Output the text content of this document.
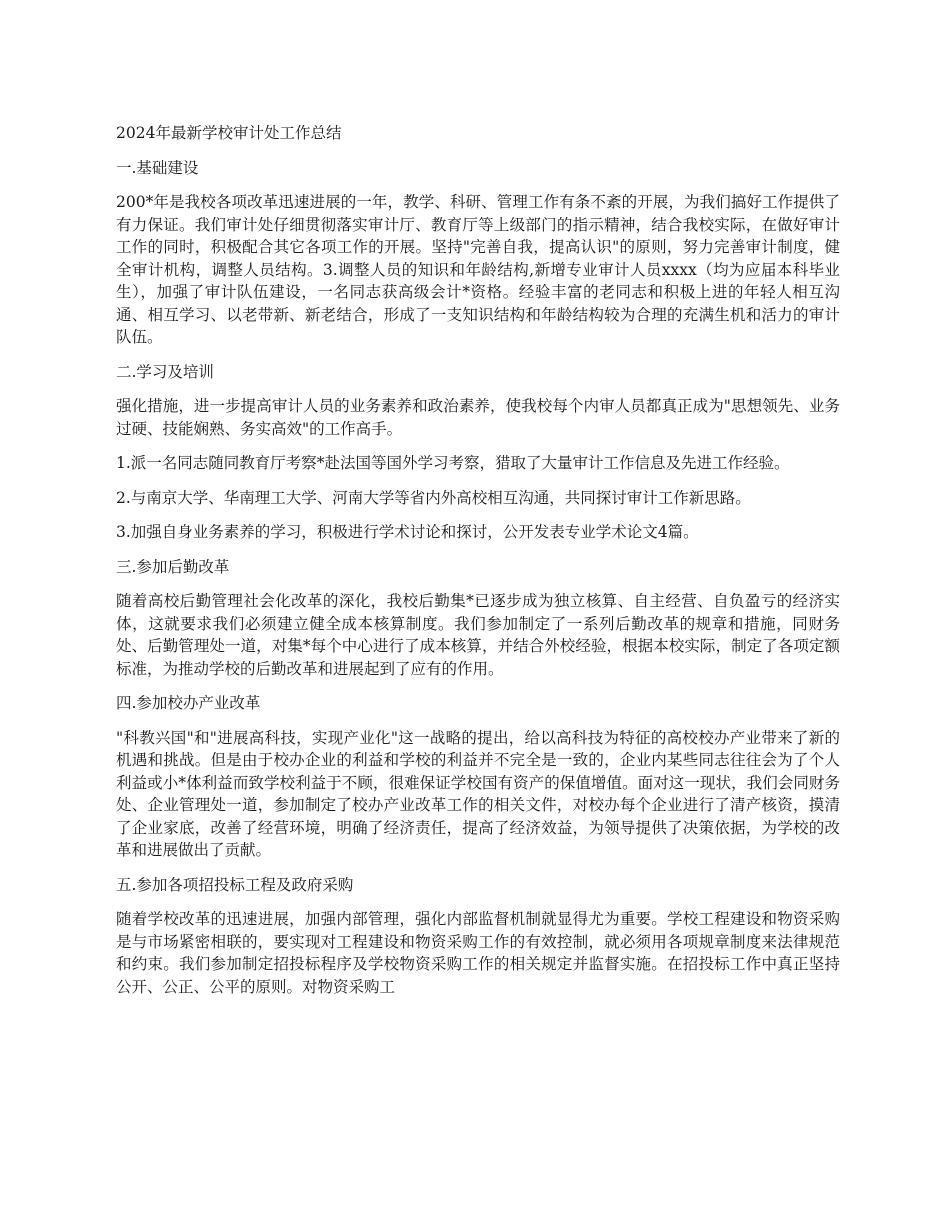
2024年最新学校审计处工作总结

一.基础建设

200*年是我校各项改革迅速进展的一年，教学、科研、管理工作有条不紊的开展，为我们搞好工作提供了有力保证。我们审计处仔细贯彻落实审计厅、教育厅等上级部门的指示精神，结合我校实际，在做好审计工作的同时，积极配合其它各项工作的开展。坚持"完善自我，提高认识"的原则，努力完善审计制度，健全审计机构，调整人员结构。3.调整人员的知识和年龄结构,新增专业审计人员xxxx（均为应届本科毕业生），加强了审计队伍建设，一名同志获高级会计*资格。经验丰富的老同志和积极上进的年轻人相互沟通、相互学习、以老带新、新老结合，形成了一支知识结构和年龄结构较为合理的充满生机和活力的审计队伍。

二.学习及培训

强化措施，进一步提高审计人员的业务素养和政治素养，使我校每个内审人员都真正成为"思想领先、业务过硬、技能娴熟、务实高效"的工作高手。

1.派一名同志随同教育厅考察*赴法国等国外学习考察，猎取了大量审计工作信息及先进工作经验。

2.与南京大学、华南理工大学、河南大学等省内外高校相互沟通，共同探讨审计工作新思路。

3.加强自身业务素养的学习，积极进行学术讨论和探讨，公开发表专业学术论文4篇。

三.参加后勤改革

随着高校后勤管理社会化改革的深化，我校后勤集*已逐步成为独立核算、自主经营、自负盈亏的经济实体，这就要求我们必须建立健全成本核算制度。我们参加制定了一系列后勤改革的规章和措施，同财务处、后勤管理处一道，对集*每个中心进行了成本核算，并结合外校经验，根据本校实际，制定了各项定额标准，为推动学校的后勤改革和进展起到了应有的作用。

四.参加校办产业改革

"科教兴国"和"进展高科技，实现产业化"这一战略的提出，给以高科技为特征的高校校办产业带来了新的机遇和挑战。但是由于校办企业的利益和学校的利益并不完全是一致的，企业内某些同志往往会为了个人利益或小*体利益而致学校利益于不顾，很难保证学校国有资产的保值增值。面对这一现状，我们会同财务处、企业管理处一道，参加制定了校办产业改革工作的相关文件，对校办每个企业进行了清产核资，摸清了企业家底，改善了经营环境，明确了经济责任，提高了经济效益，为领导提供了决策依据，为学校的改革和进展做出了贡献。

五.参加各项招投标工程及政府采购

随着学校改革的迅速进展，加强内部管理，强化内部监督机制就显得尤为重要。学校工程建设和物资采购是与市场紧密相联的，要实现对工程建设和物资采购工作的有效控制，就必须用各项规章制度来法律规范和约束。我们参加制定招投标程序及学校物资采购工作的相关规定并监督实施。在招投标工作中真正坚持公开、公正、公平的原则。对物资采购工
